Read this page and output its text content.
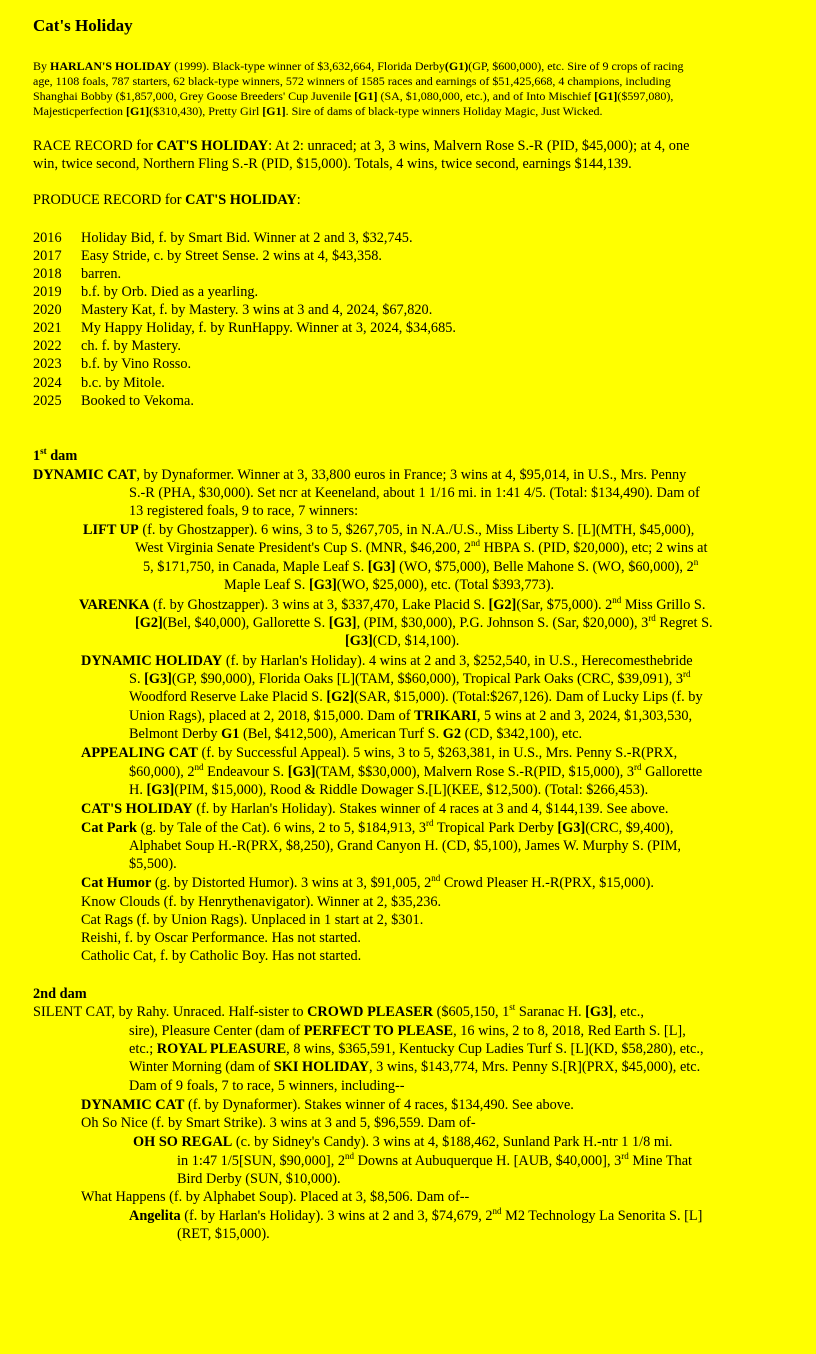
Cat's Holiday
By HARLAN'S HOLIDAY (1999). Black-type winner of $3,632,664, Florida Derby(G1)(GP, $600,000), etc. Sire of 9 crops of racing
age, 1108 foals, 787 starters, 62 black-type winners, 572 winners of 1585 races and earnings of $51,425,668, 4 champions, including
Shanghai Bobby ($1,857,000, Grey Goose Breeders' Cup Juvenile [G1] (SA, $1,080,000, etc.), and of Into Mischief [G1]($597,080),
Majesticperfection [G1]($310,430), Pretty Girl [G1]. Sire of dams of black-type winners Holiday Magic, Just Wicked.
RACE RECORD for CAT'S HOLIDAY: At 2: unraced; at 3, 3 wins, Malvern Rose S.-R (PID, $45,000); at 4, one
win, twice second, Northern Fling S.-R (PID, $15,000). Totals, 4 wins, twice second, earnings $144,139.
PRODUCE RECORD for CAT'S HOLIDAY:
2016 Holiday Bid, f. by Smart Bid. Winner at 2 and 3, $32,745.
2017 Easy Stride, c. by Street Sense. 2 wins at 4, $43,358.
2018 barren.
2019 b.f. by Orb. Died as a yearling.
2020 Mastery Kat, f. by Mastery. 3 wins at 3 and 4, 2024, $67,820.
2021 My Happy Holiday, f. by RunHappy. Winner at 3, 2024, $34,685.
2022 ch. f. by Mastery.
2023 b.f. by Vino Rosso.
2024 b.c. by Mitole.
2025 Booked to Vekoma.
1st dam
DYNAMIC CAT, by Dynaformer. Winner at 3, 33,800 euros in France; 3 wins at 4, $95,014, in U.S., Mrs. Penny
S.-R (PHA, $30,000). Set ncr at Keeneland, about 1 1/16 mi. in 1:41 4/5. (Total: $134,490). Dam of
13 registered foals, 9 to race, 7 winners:
LIFT UP (f. by Ghostzapper). 6 wins, 3 to 5, $267,705, in N.A./U.S., Miss Liberty S. [L](MTH, $45,000),
West Virginia Senate President's Cup S. (MNR, $46,200, 2nd HBPA S. (PID, $20,000), etc; 2 wins at
5, $171,750, in Canada, Maple Leaf S. [G3] (WO, $75,000), Belle Mahone S. (WO, $60,000), 2$^n$
Maple Leaf S. [G3](WO, $25,000), etc. (Total $393,773).
VARENKA (f. by Ghostzapper). 3 wins at 3, $337,470, Lake Placid S. [G2](Sar, $75,000). 2nd Miss Grillo S.
[G2](Bel, $40,000), Gallorette S. [G3], (PIM, $30,000), P.G. Johnson S. (Sar, $20,000), 3rd Regret S.
[G3](CD, $14,100).
DYNAMIC HOLIDAY (f. by Harlan's Holiday). 4 wins at 2 and 3, $252,540, in U.S., Herecomesthebride
S. [G3](GP, $90,000), Florida Oaks [L](TAM, $$60,000), Tropical Park Oaks (CRC, $39,091), 3rd
Woodford Reserve Lake Placid S. [G2](SAR, $15,000). (Total:$267,126). Dam of Lucky Lips (f. by
Union Rags), placed at 2, 2018, $15,000. Dam of TRIKARI, 5 wins at 2 and 3, 2024, $1,303,530,
Belmont Derby G1 (Bel, $412,500), American Turf S. G2 (CD, $342,100), etc.
APPEALING CAT (f. by Successful Appeal). 5 wins, 3 to 5, $263,381, in U.S., Mrs. Penny S.-R(PRX,
$60,000), 2nd Endeavour S. [G3](TAM, $$30,000), Malvern Rose S.-R(PID, $15,000), 3rd Gallorette
H. [G3](PIM, $15,000), Rood & Riddle Dowager S.[L](KEE, $12,500). (Total: $266,453).
CAT'S HOLIDAY (f. by Harlan's Holiday). Stakes winner of 4 races at 3 and 4, $144,139. See above.
Cat Park (g. by Tale of the Cat). 6 wins, 2 to 5, $184,913, 3rd Tropical Park Derby [G3](CRC, $9,400),
Alphabet Soup H.-R(PRX, $8,250), Grand Canyon H. (CD, $5,100), James W. Murphy S. (PIM,
$5,500).
Cat Humor (g. by Distorted Humor). 3 wins at 3, $91,005, 2nd Crowd Pleaser H.-R(PRX, $15,000).
Know Clouds (f. by Henrythenavigator). Winner at 2, $35,236.
Cat Rags (f. by Union Rags). Unplaced in 1 start at 2, $301.
Reishi, f. by Oscar Performance. Has not started.
Catholic Cat, f. by Catholic Boy. Has not started.
2nd dam
SILENT CAT, by Rahy. Unraced. Half-sister to CROWD PLEASER ($605,150, 1st Saranac H. [G3], etc.,
sire), Pleasure Center (dam of PERFECT TO PLEASE, 16 wins, 2 to 8, 2018, Red Earth S. [L],
etc.; ROYAL PLEASURE, 8 wins, $365,591, Kentucky Cup Ladies Turf S. [L](KD, $58,280), etc.,
Winter Morning (dam of SKI HOLIDAY, 3 wins, $143,774, Mrs. Penny S.[R](PRX, $45,000), etc.
Dam of 9 foals, 7 to race, 5 winners, including--
DYNAMIC CAT (f. by Dynaformer). Stakes winner of 4 races, $134,490. See above.
Oh So Nice (f. by Smart Strike). 3 wins at 3 and 5, $96,559. Dam of-
OH SO REGAL (c. by Sidney's Candy). 3 wins at 4, $188,462, Sunland Park H.-ntr 1 1/8 mi.
in 1:47 1/5[SUN, $90,000], 2nd Downs at Aubuquerque H. [AUB, $40,000], 3rd Mine That
Bird Derby (SUN, $10,000).
What Happens (f. by Alphabet Soup). Placed at 3, $8,506. Dam of--
Angelita (f. by Harlan's Holiday). 3 wins at 2 and 3, $74,679, 2nd M2 Technology La Senorita S. [L]
(RET, $15,000).
